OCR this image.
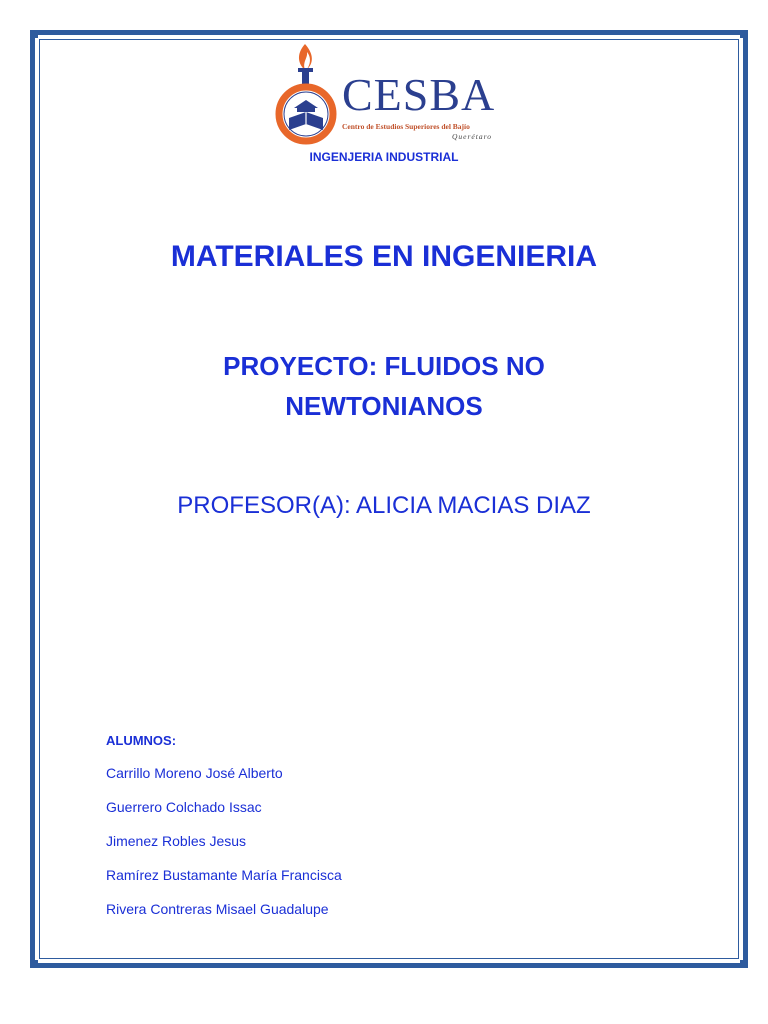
CESBA
Centro de Estudios Superiores del Bajío
Querétaro
INGENJERIA INDUSTRIAL
MATERIALES EN INGENIERIA
PROYECTO: FLUIDOS NO
NEWTONIANOS
PROFESOR(A): ALICIA MACIAS DIAZ
ALUMNOS:
Carrillo Moreno José Alberto
Guerrero Colchado Issac
Jimenez Robles Jesus
Ramírez Bustamante María Francisca
Rivera Contreras Misael Guadalupe
